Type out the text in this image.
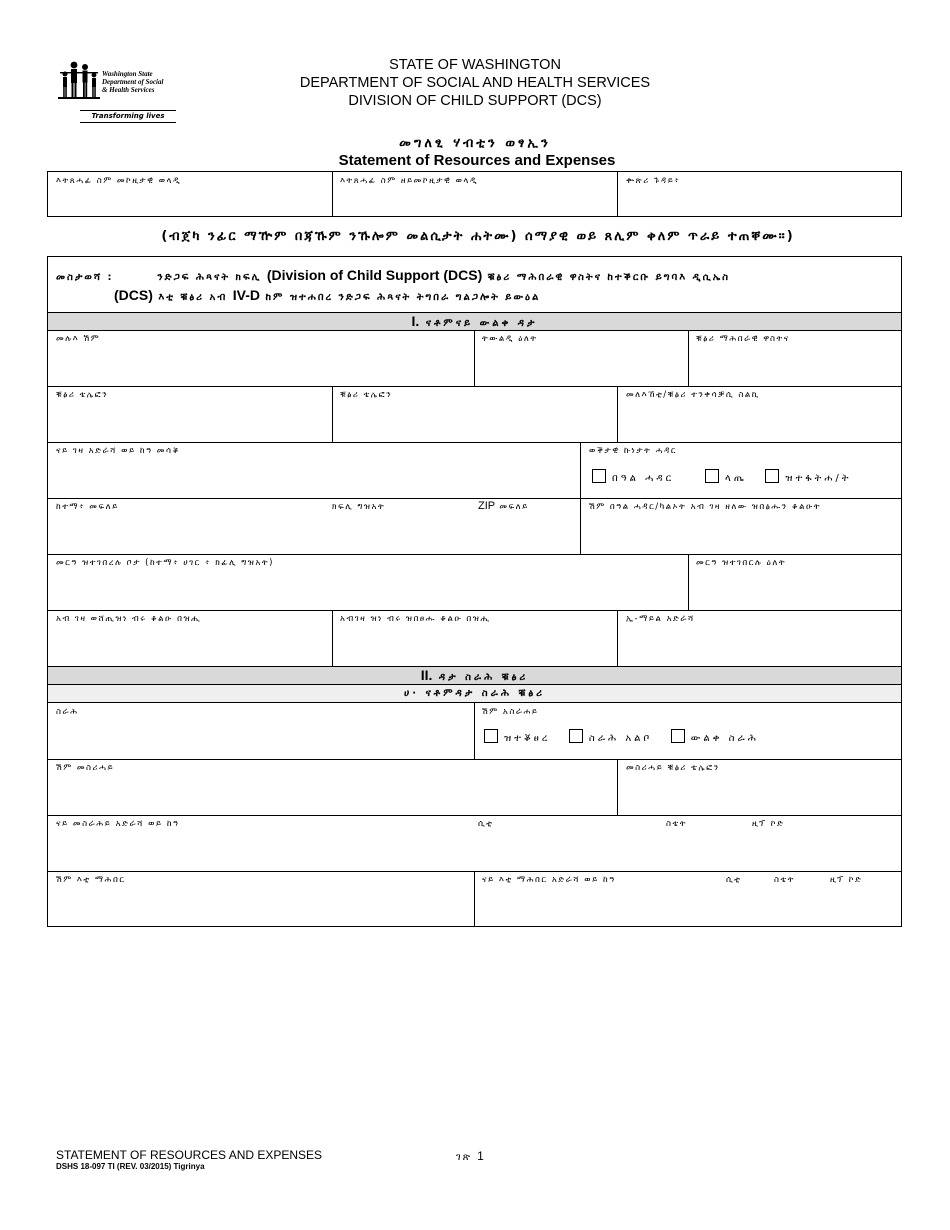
Washington State
Department of Social
& Health Services
Transforming lives
STATE OF WASHINGTON
DEPARTMENT OF SOCIAL AND HEALTH SERVICES
DIVISION OF CHILD SUPPORT (DCS)
መግለፂ ሃብቲን ወፃኢን
Statement of Resources and Expenses
እትጸሓፊ ስም መኮዚታዊ ወላዲ	እትጸሓፊ ስም ዘይመኮዚታዊ ወላዲ	ቍጽሪ ጉዳይ፥
(ብጀካ ንፊር ማዅም በጃኹም ንኹሎም መልሲታት ሐትሙ) ሰማያዊ ወይ ጸሊም ቀለም ጥራይ ተጠቐሙ።)
መስታወሻ :	ንድጋፍ ሕጻናት ክፍሊ (Division of Child Support (DCS) ቑፅሪ ማሕበራዊ ዋስትና ከተቕርቡ ይግባእ ዲሲኤስ
(DCS) እቲ ቑፅሪ አብ IV-D ከም ዝተሐበረ ንድጋፍ ሕጻናት ትግበራ ግልጋሎት ይውዕል
I. ናቶምናይ ውልቀ ዳታ
መሉእ ሽም	ትውልዲ ዕለት	ቑፅሪ ማሕበራዊ ዋስትና
ቑፅሪ ቴሌፎን	ቑፅሪ ቴሌፎን	መለእኸቲ/ቑፅሪ ተንቀሳቓሲ ስልኪ
ናይ ገዛ አድራሻ ወይ ከዓ መሳቖ	ወቕታዊ ኩነታት ሓዳር
በዓል ሓዳር	ላጤ	ዝተፋትሐ/ት
ከተማ፥ መፍለይ	ክፍሊ ግዝአት	ZIP መፍለይ	ሽም በዓል ሓዳር/ካልኦት አብ ገዛ ዘለው ዝበፅሑን ቆልዑት
መርዓ ዝተገበረሉ ቦታ (ከተማ፥ ሀገር ፥ ክፊሊ ግዝአት)	መርዓ ዝተገበርሉ ዕለት
አብ ገዛ ወሸጢዝነ ብሩ ቆልዑ በዝሒ	አብገዛ ዝነ ብሩ ዝበፀሑ ቆልዑ በዝሒ	ኢ-ማይል አድራሻ
II. ዳታ ስራሕ ቑፅሪ
ሀ· ናቶምዳታ ስራሕ ቑፅሪ
ስራሕ	ሽም አስራሐይ
ዝተቖፀረ	ስራሕ አልቦ	ውልቀ ስራሕ
ሽም መስሪሓይ	መስሪሓይ ቑፅሪ ቴሌፎን
ናይ መስራሕይ አድራሻ ወይ ከዓ	ሲቲ	ስቴት	ዚፕ ኮድ
ሽም እቲ ማሕበር	ናይ እቲ ማሕበር አድራሻ ወይ ከዓ	ሲቲ	ስቴት	ዚፕ ኮድ
STATEMENT OF RESOURCES AND EXPENSES
DSHS 18-097 TI (REV. 03/2015) Tigrinya
ገጽ 1
